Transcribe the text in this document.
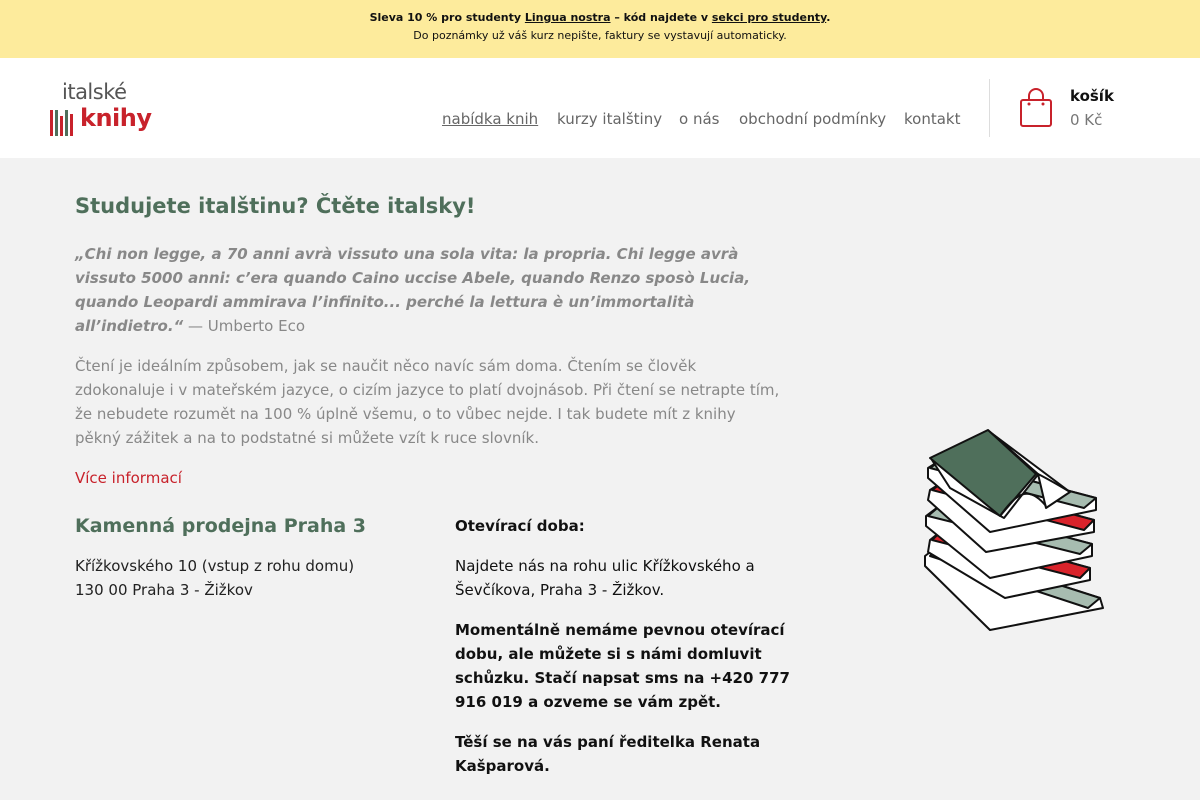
Sleva 10 % pro studenty Lingua nostra – kód najdete v sekci pro studenty.
Do poznámky už váš kurz nepište, faktury se vystavují automaticky.
italské
knihy	nabídka knih kurzy italštiny o nás obchodní podmínky kontakt
košík
0 Kč
Studujete italštinu? Čtěte italsky!
„Chi non legge, a 70 anni avrà vissuto una sola vita: la propria. Chi legge avrà vissuto 5000 anni: c’era quando Caino uccise Abele, quando Renzo sposò Lucia, quando Leopardi ammirava l’infinito... perché la lettura è un’immortalità all’indietro.“ — Umberto Eco
Čtení je ideálním způsobem, jak se naučit něco navíc sám doma. Čtením se člověk zdokonaluje i v mateřském jazyce, o cizím jazyce to platí dvojnásob. Při čtení se netrapte tím, že nebudete rozumět na 100 % úplně všemu, o to vůbec nejde. I tak budete mít z knihy pěkný zážitek a na to podstatné si můžete vzít k ruce slovník.
Více informací
Kamenná prodejna Praha 3
Křížkovského 10 (vstup z rohu domu)
130 00 Praha 3 - Žižkov

Otevírací doba:

Najdete nás na rohu ulic Křížkovského a Ševčíkova, Praha 3 - Žižkov.

Momentálně nemáme pevnou otevírací dobu, ale můžete si s námi domluvit schůzku. Stačí napsat sms na +420 777 916 019 a ozveme se vám zpět.

Těší se na vás paní ředitelka Renata Kašparová.
